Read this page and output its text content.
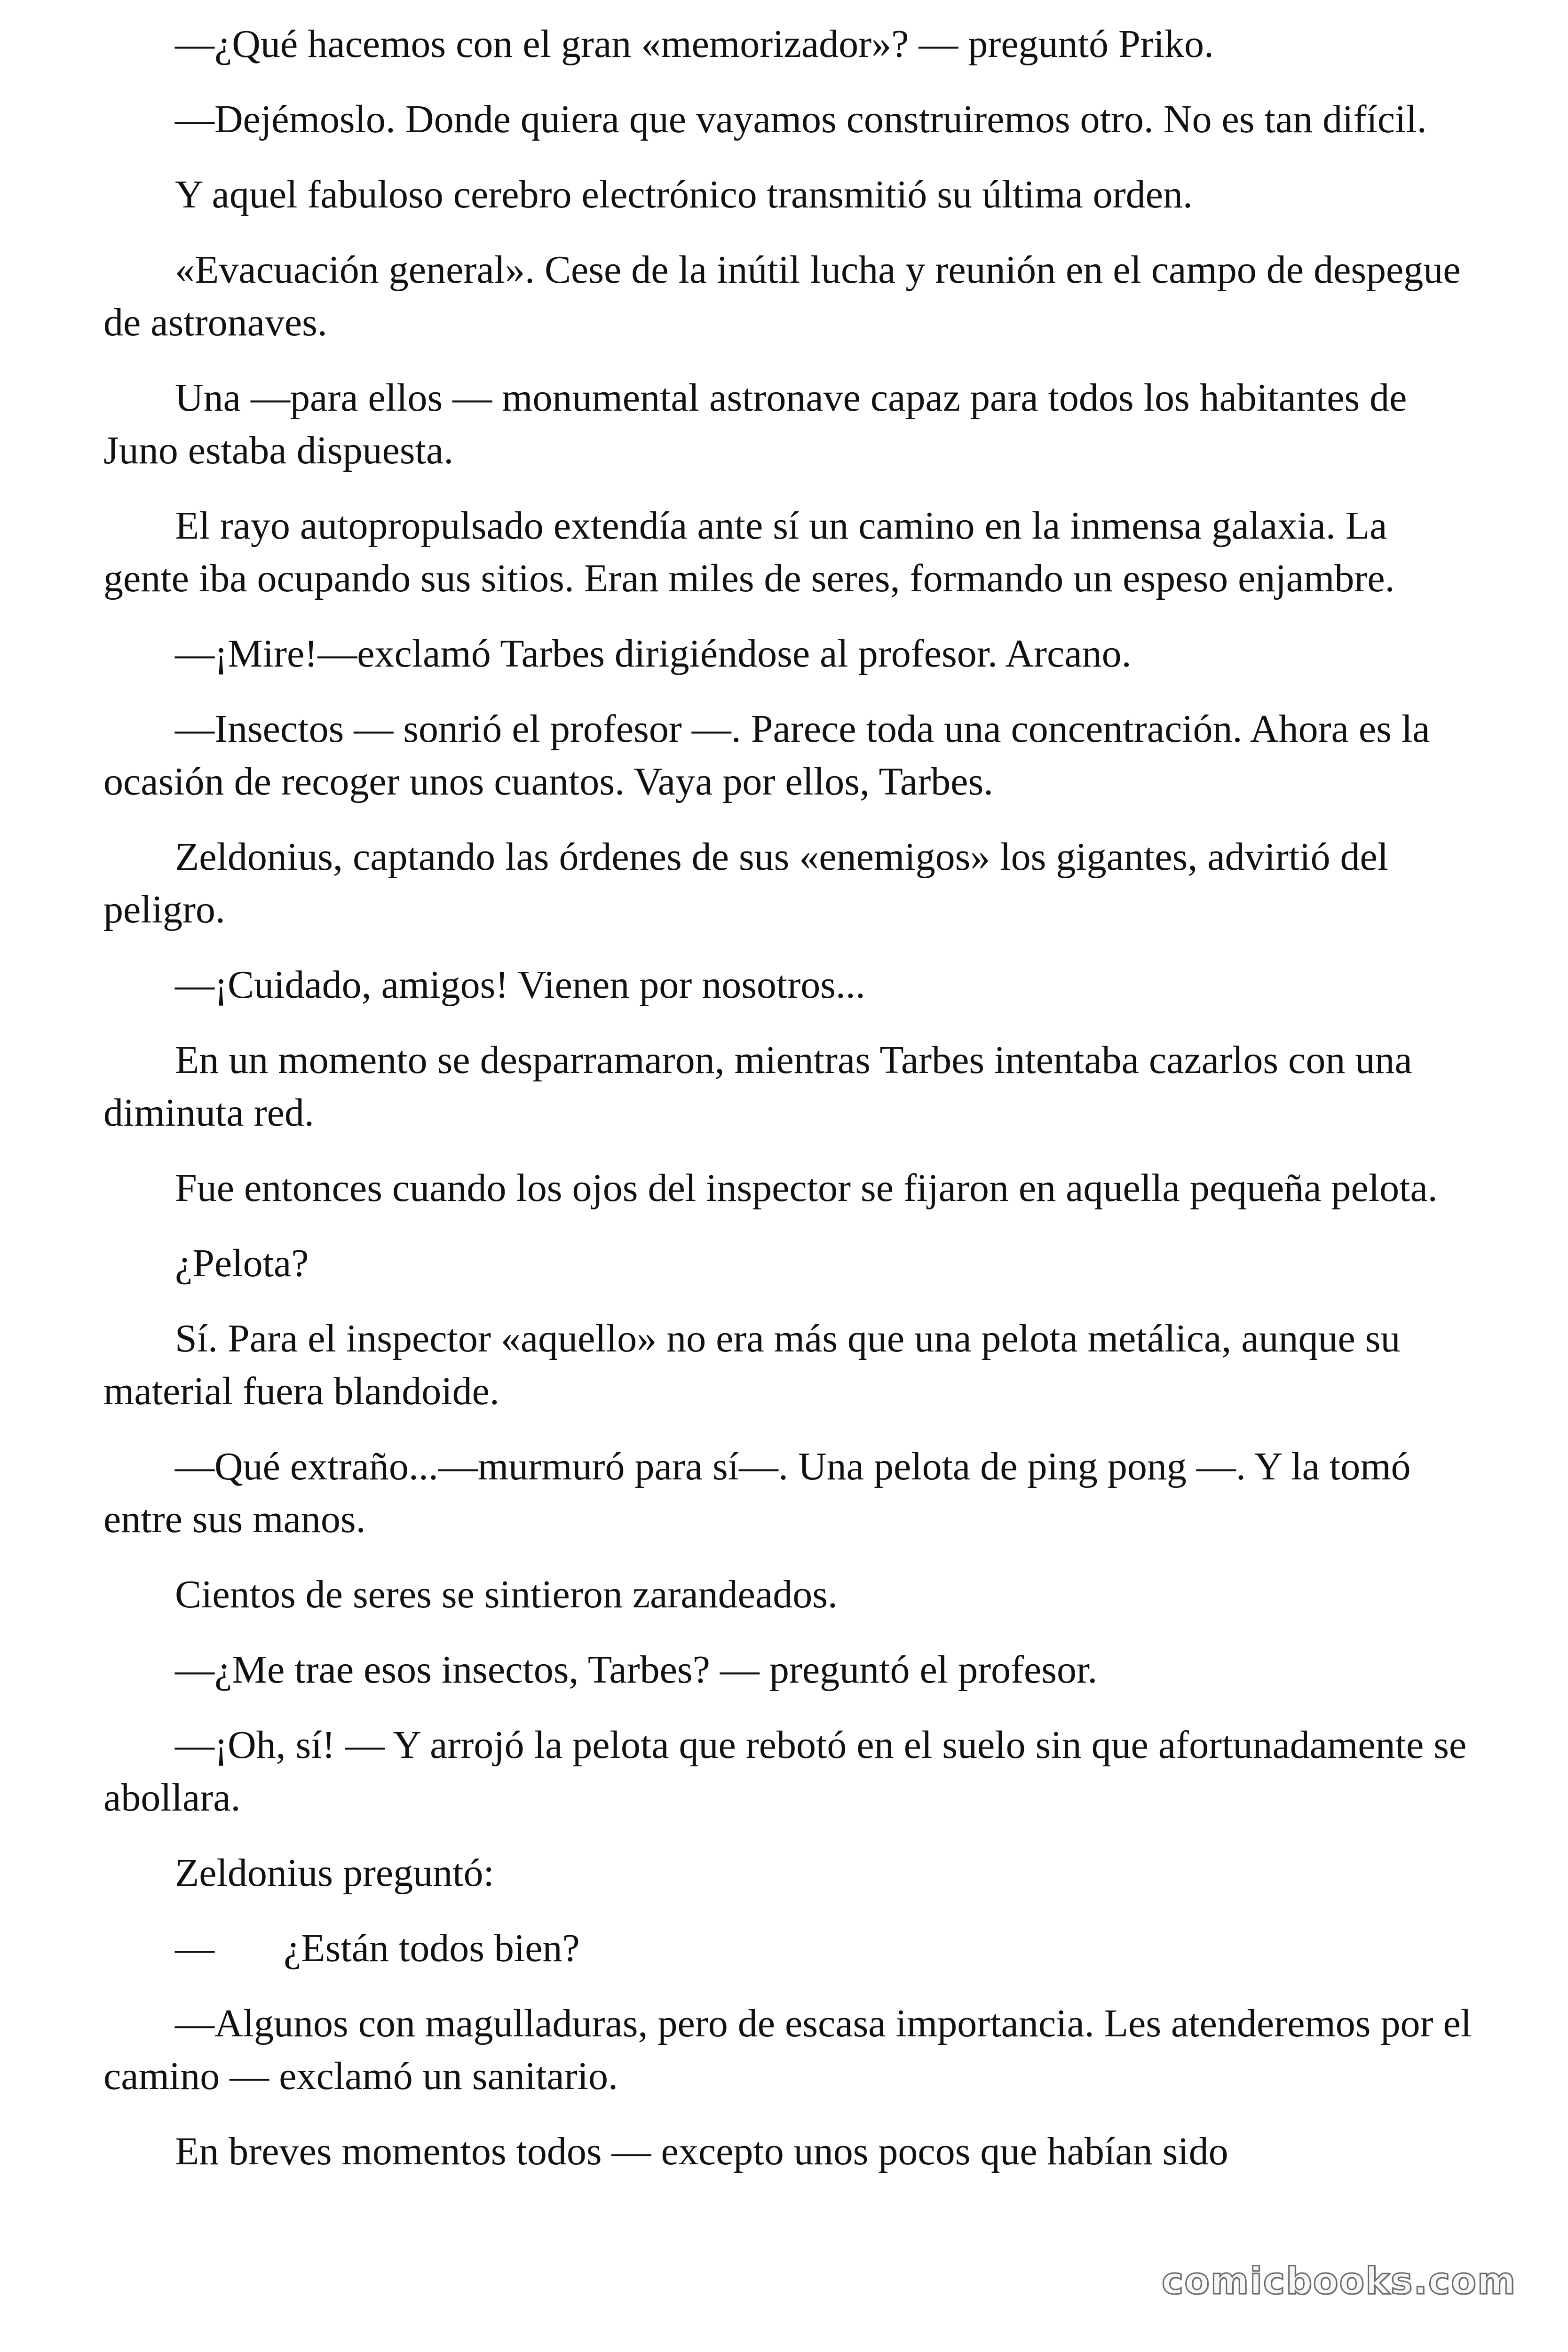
—¿Qué hacemos con el gran «memorizador»? — preguntó Priko.

—Dejémoslo. Donde quiera que vayamos construiremos otro. No es tan difícil.

Y aquel fabuloso cerebro electrónico transmitió su última orden.

«Evacuación general». Cese de la inútil lucha y reunión en el campo de despegue de astronaves.

Una —para ellos — monumental astronave capaz para todos los habitantes de Juno estaba dispuesta.

El rayo autopropulsado extendía ante sí un camino en la inmensa galaxia. La gente iba ocupando sus sitios. Eran miles de seres, formando un espeso enjambre.

—¡Mire!—exclamó Tarbes dirigiéndose al profesor. Arcano.

—Insectos — sonrió el profesor —. Parece toda una concentración. Ahora es la ocasión de recoger unos cuantos. Vaya por ellos, Tarbes.

Zeldonius, captando las órdenes de sus «enemigos» los gigantes, advirtió del peligro.

—¡Cuidado, amigos! Vienen por nosotros...

En un momento se desparramaron, mientras Tarbes intentaba cazarlos con una diminuta red.

Fue entonces cuando los ojos del inspector se fijaron en aquella pequeña pelota.

¿Pelota?

Sí. Para el inspector «aquello» no era más que una pelota metálica, aunque su material fuera blandoide.

—Qué extraño...—murmuró para sí—. Una pelota de ping pong —. Y la tomó entre sus manos.

Cientos de seres se sintieron zarandeados.

—¿Me trae esos insectos, Tarbes? — preguntó el profesor.

—¡Oh, sí! — Y arrojó la pelota que rebotó en el suelo sin que afortunadamente se abollara.

Zeldonius preguntó:

—       ¿Están todos bien?

—Algunos con magulladuras, pero de escasa importancia. Les atenderemos por el camino — exclamó un sanitario.

En breves momentos todos — excepto unos pocos que habían sido

comicbooks.com
